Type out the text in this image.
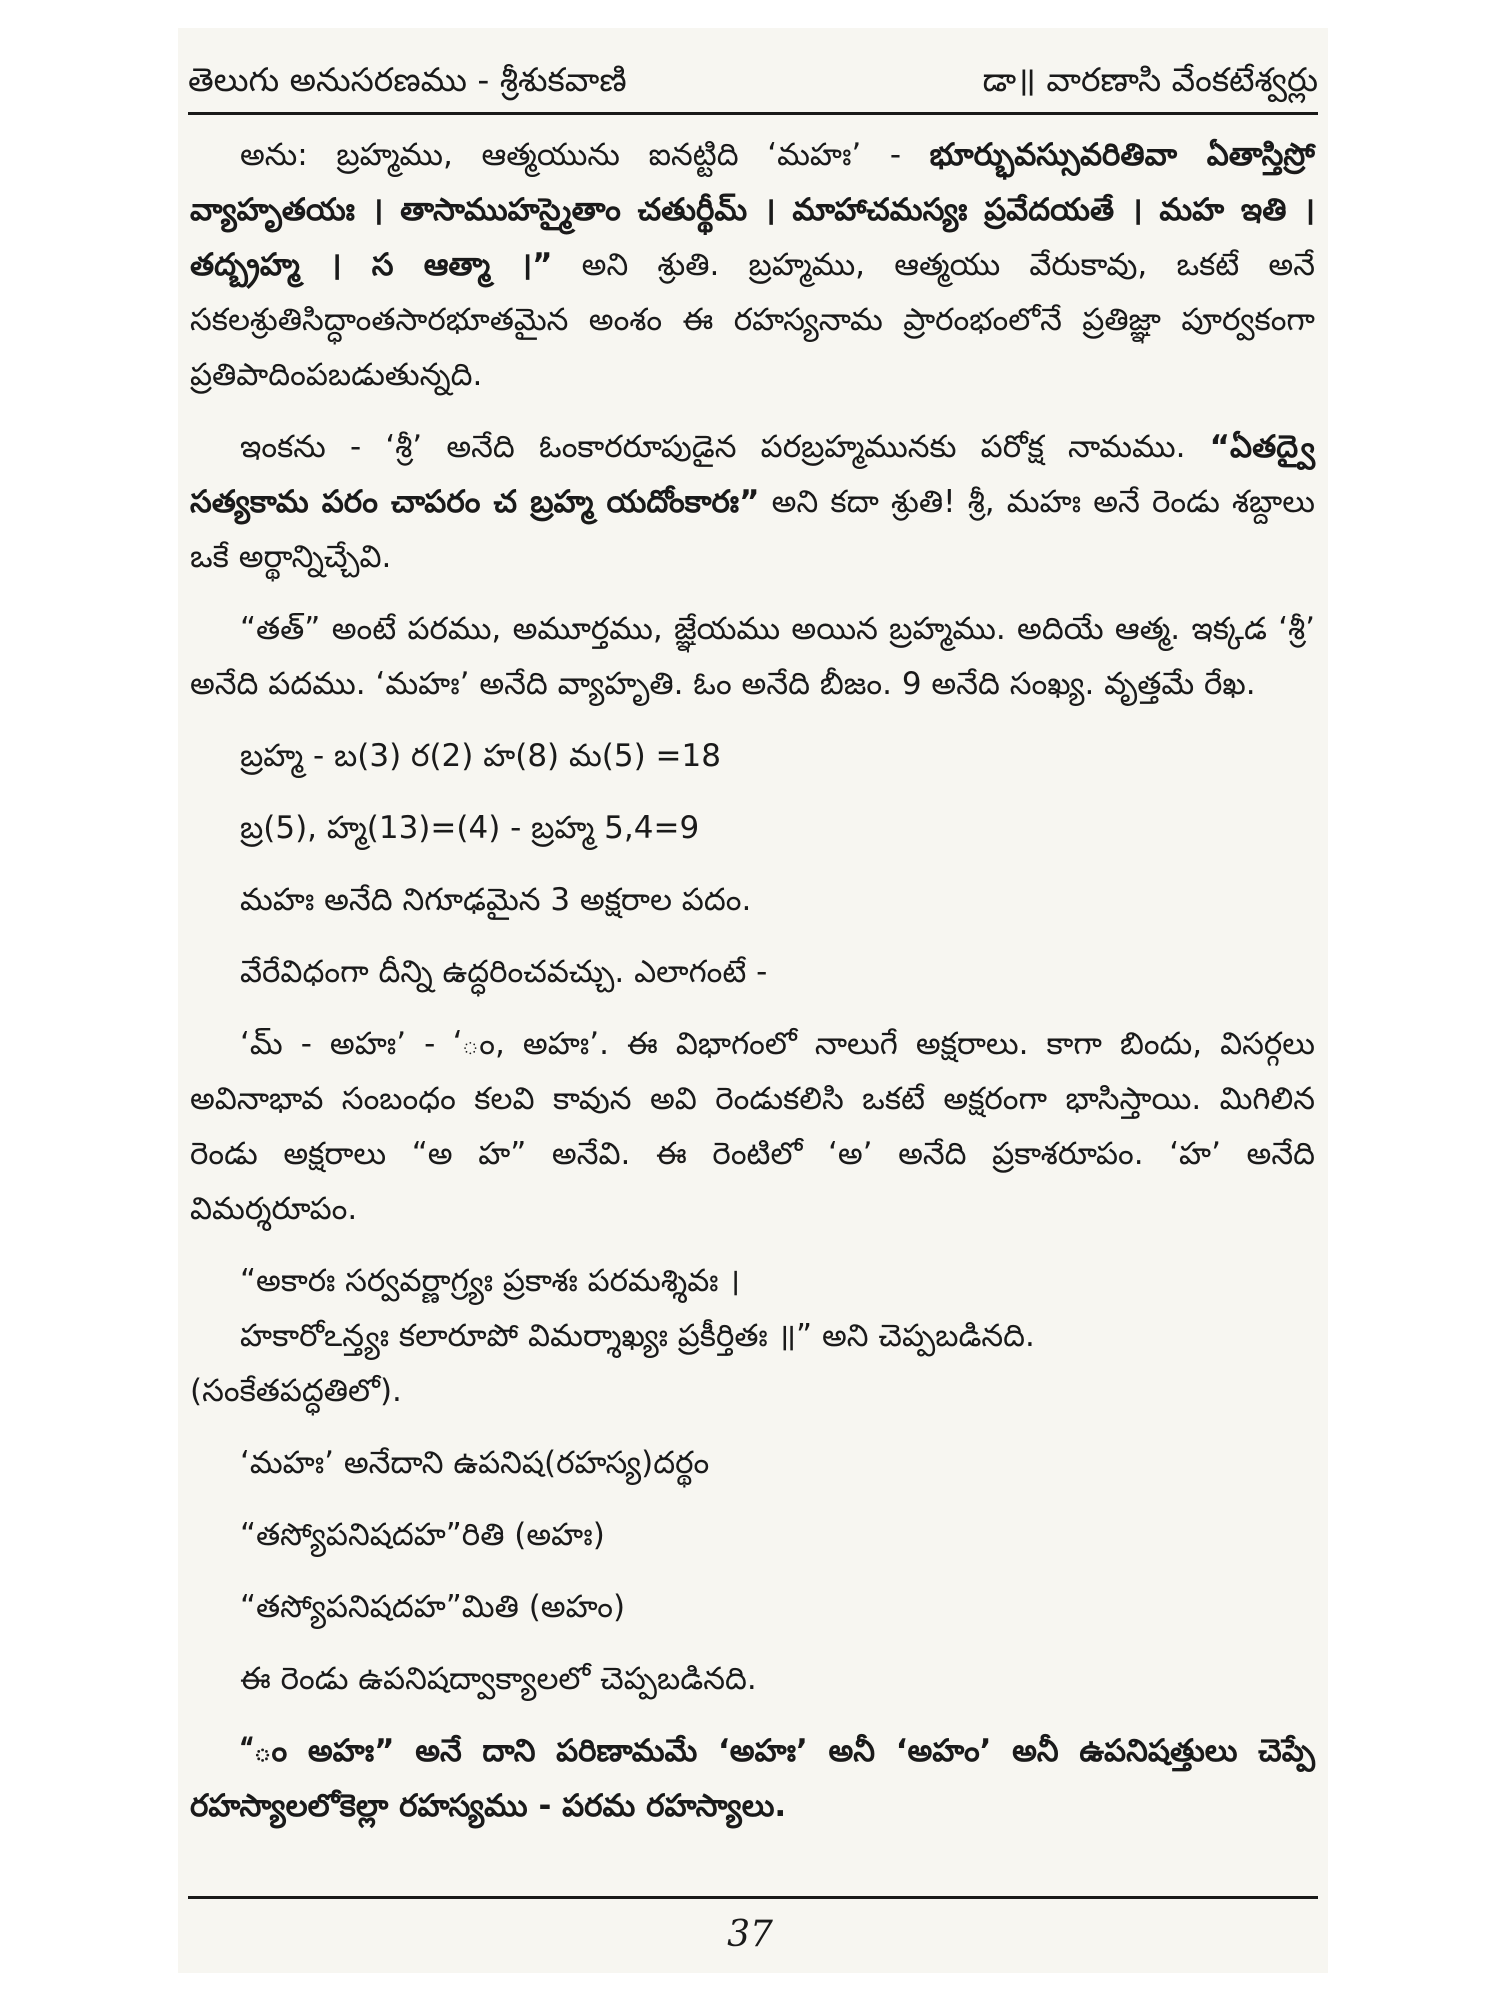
తెలుగు అనుసరణము - శ్రీశుకవాణి	డా॥ వారణాసి వేంకటేశ్వర్లు

అను: బ్రహ్మము, ఆత్మయును ఐనట్టిది ‘మహః’ - భూర్భువస్సువరితివా ఏతాస్తిస్రో వ్యాహృతయః । తాసాముహస్మైతాం చతుర్థీమ్ । మాహాచమస్యః ప్రవేదయతే । మహ ఇతి । తద్బ్రహ్మ । స ఆత్మా ।” అని శ్రుతి. బ్రహ్మము, ఆత్మయు వేరుకావు, ఒకటే అనే సకలశ్రుతిసిద్ధాంతసారభూతమైన అంశం ఈ రహస్యనామ ప్రారంభంలోనే ప్రతిజ్ఞా పూర్వకంగా ప్రతిపాదింపబడుతున్నది.

ఇంకను - ‘శ్రీ’ అనేది ఓంకారరూపుడైన పరబ్రహ్మమునకు పరోక్ష నామము. “ఏతద్వై సత్యకామ పరం చాపరం చ బ్రహ్మ యదోంకారః” అని కదా శ్రుతి! శ్రీ, మహః అనే రెండు శబ్దాలు ఒకే అర్థాన్నిచ్చేవి.

“తత్” అంటే పరము, అమూర్తము, జ్ఞేయము అయిన బ్రహ్మము. అదియే ఆత్మ. ఇక్కడ ‘శ్రీ’ అనేది పదము. ‘మహః’ అనేది వ్యాహృతి. ఓం అనేది బీజం. 9 అనేది సంఖ్య. వృత్తమే రేఖ.

బ్రహ్మ - బ(3) ర(2) హ(8) మ(5) =18

బ్ర(5), హ్మ(13)=(4) - బ్రహ్మ 5,4=9

మహః అనేది నిగూఢమైన 3 అక్షరాల పదం.

వేరేవిధంగా దీన్ని ఉద్ధరించవచ్చు. ఎలాగంటే -

‘మ్ - అహః’ - ‘ం, అహః’. ఈ విభాగంలో నాలుగే అక్షరాలు. కాగా బిందు, విసర్గలు అవినాభావ సంబంధం కలవి కావున అవి రెండుకలిసి ఒకటే అక్షరంగా భాసిస్తాయి. మిగిలిన రెండు అక్షరాలు “అ హ” అనేవి. ఈ రెంటిలో ‘అ’ అనేది ప్రకాశరూపం. ‘హ’ అనేది విమర్శరూపం.

“అకారః సర్వవర్ణాగ్ర్యః ప్రకాశః పరమశ్శివః ।

హకారోఽన్త్యః కలారూపో విమర్శాఖ్యః ప్రకీర్తితః ॥” అని చెప్పబడినది.

(సంకేతపద్ధతిలో).

‘మహః’ అనేదాని ఉపనిష(రహస్య)దర్థం

“తస్యోపనిషదహ”రితి (అహః)

“తస్యోపనిషదహ”మితి (అహం)

ఈ రెండు ఉపనిషద్వాక్యాలలో చెప్పబడినది.

“ం అహః” అనే దాని పరిణామమే ‘అహః’ అనీ ‘అహం’ అనీ ఉపనిషత్తులు చెప్పే రహస్యాలలోకెల్లా రహస్యము - పరమ రహస్యాలు.

37
